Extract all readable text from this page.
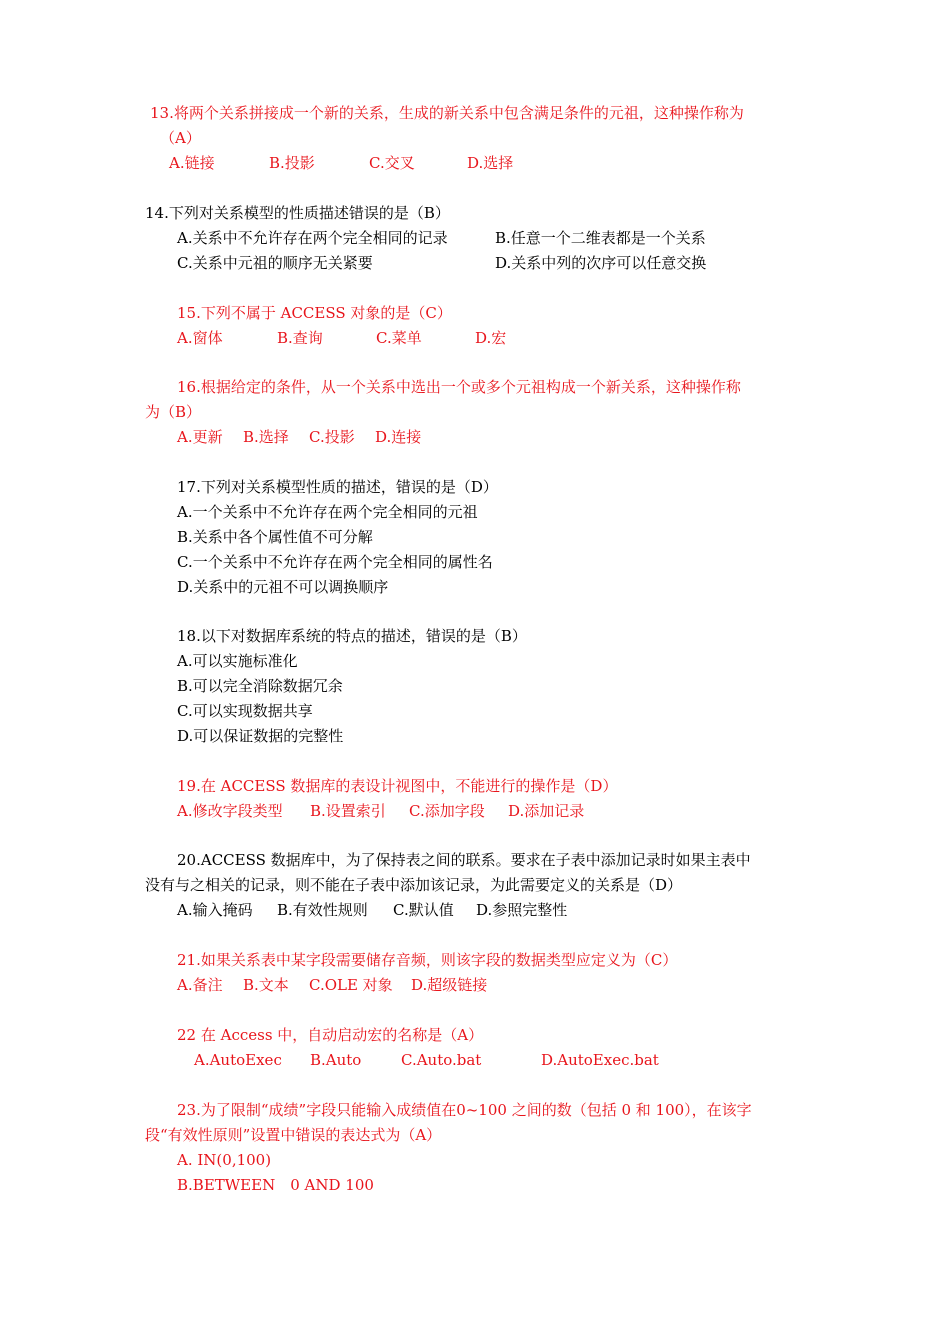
13.将两个关系拼接成一个新的关系，生成的新关系中包含满足条件的元祖，这种操作称为
（A）
A.链接	B.投影	C.交叉	D.选择
14.下列对关系模型的性质描述错误的是（B）
A.关系中不允许存在两个完全相同的记录	B.任意一个二维表都是一个关系
C.关系中元祖的顺序无关紧要	D.关系中列的次序可以任意交换
15.下列不属于 ACCESS 对象的是（C）
A.窗体	B.查询	C.菜单	D.宏
16.根据给定的条件，从一个关系中选出一个或多个元祖构成一个新关系，这种操作称
为（B）
A.更新 B.选择 C.投影 D.连接
17.下列对关系模型性质的描述，错误的是（D）
A.一个关系中不允许存在两个完全相同的元祖
B.关系中各个属性值不可分解
C.一个关系中不允许存在两个完全相同的属性名
D.关系中的元祖不可以调换顺序
18.以下对数据库系统的特点的描述，错误的是（B）
A.可以实施标准化
B.可以完全消除数据冗余
C.可以实现数据共享
D.可以保证数据的完整性
19.在 ACCESS 数据库的表设计视图中，不能进行的操作是（D）
A.修改字段类型 B.设置索引 C.添加字段 D.添加记录
20.ACCESS 数据库中，为了保持表之间的联系。要求在子表中添加记录时如果主表中
没有与之相关的记录，则不能在子表中添加该记录，为此需要定义的关系是（D）
A.输入掩码 B.有效性规则 C.默认值 D.参照完整性
21.如果关系表中某字段需要储存音频，则该字段的数据类型应定义为（C）
A.备注 B.文本 C.OLE 对象 D.超级链接
22 在 Access 中，自动启动宏的名称是（A）
A.AutoExec B.Auto	C.Auto.bat	D.AutoExec.bat
23.为了限制“成绩”字段只能输入成绩值在0~100 之间的数（包括 0 和 100），在该字
段“有效性原则”设置中错误的表达式为（A）
A. IN(0,100)
B.BETWEEN　0 AND 100
